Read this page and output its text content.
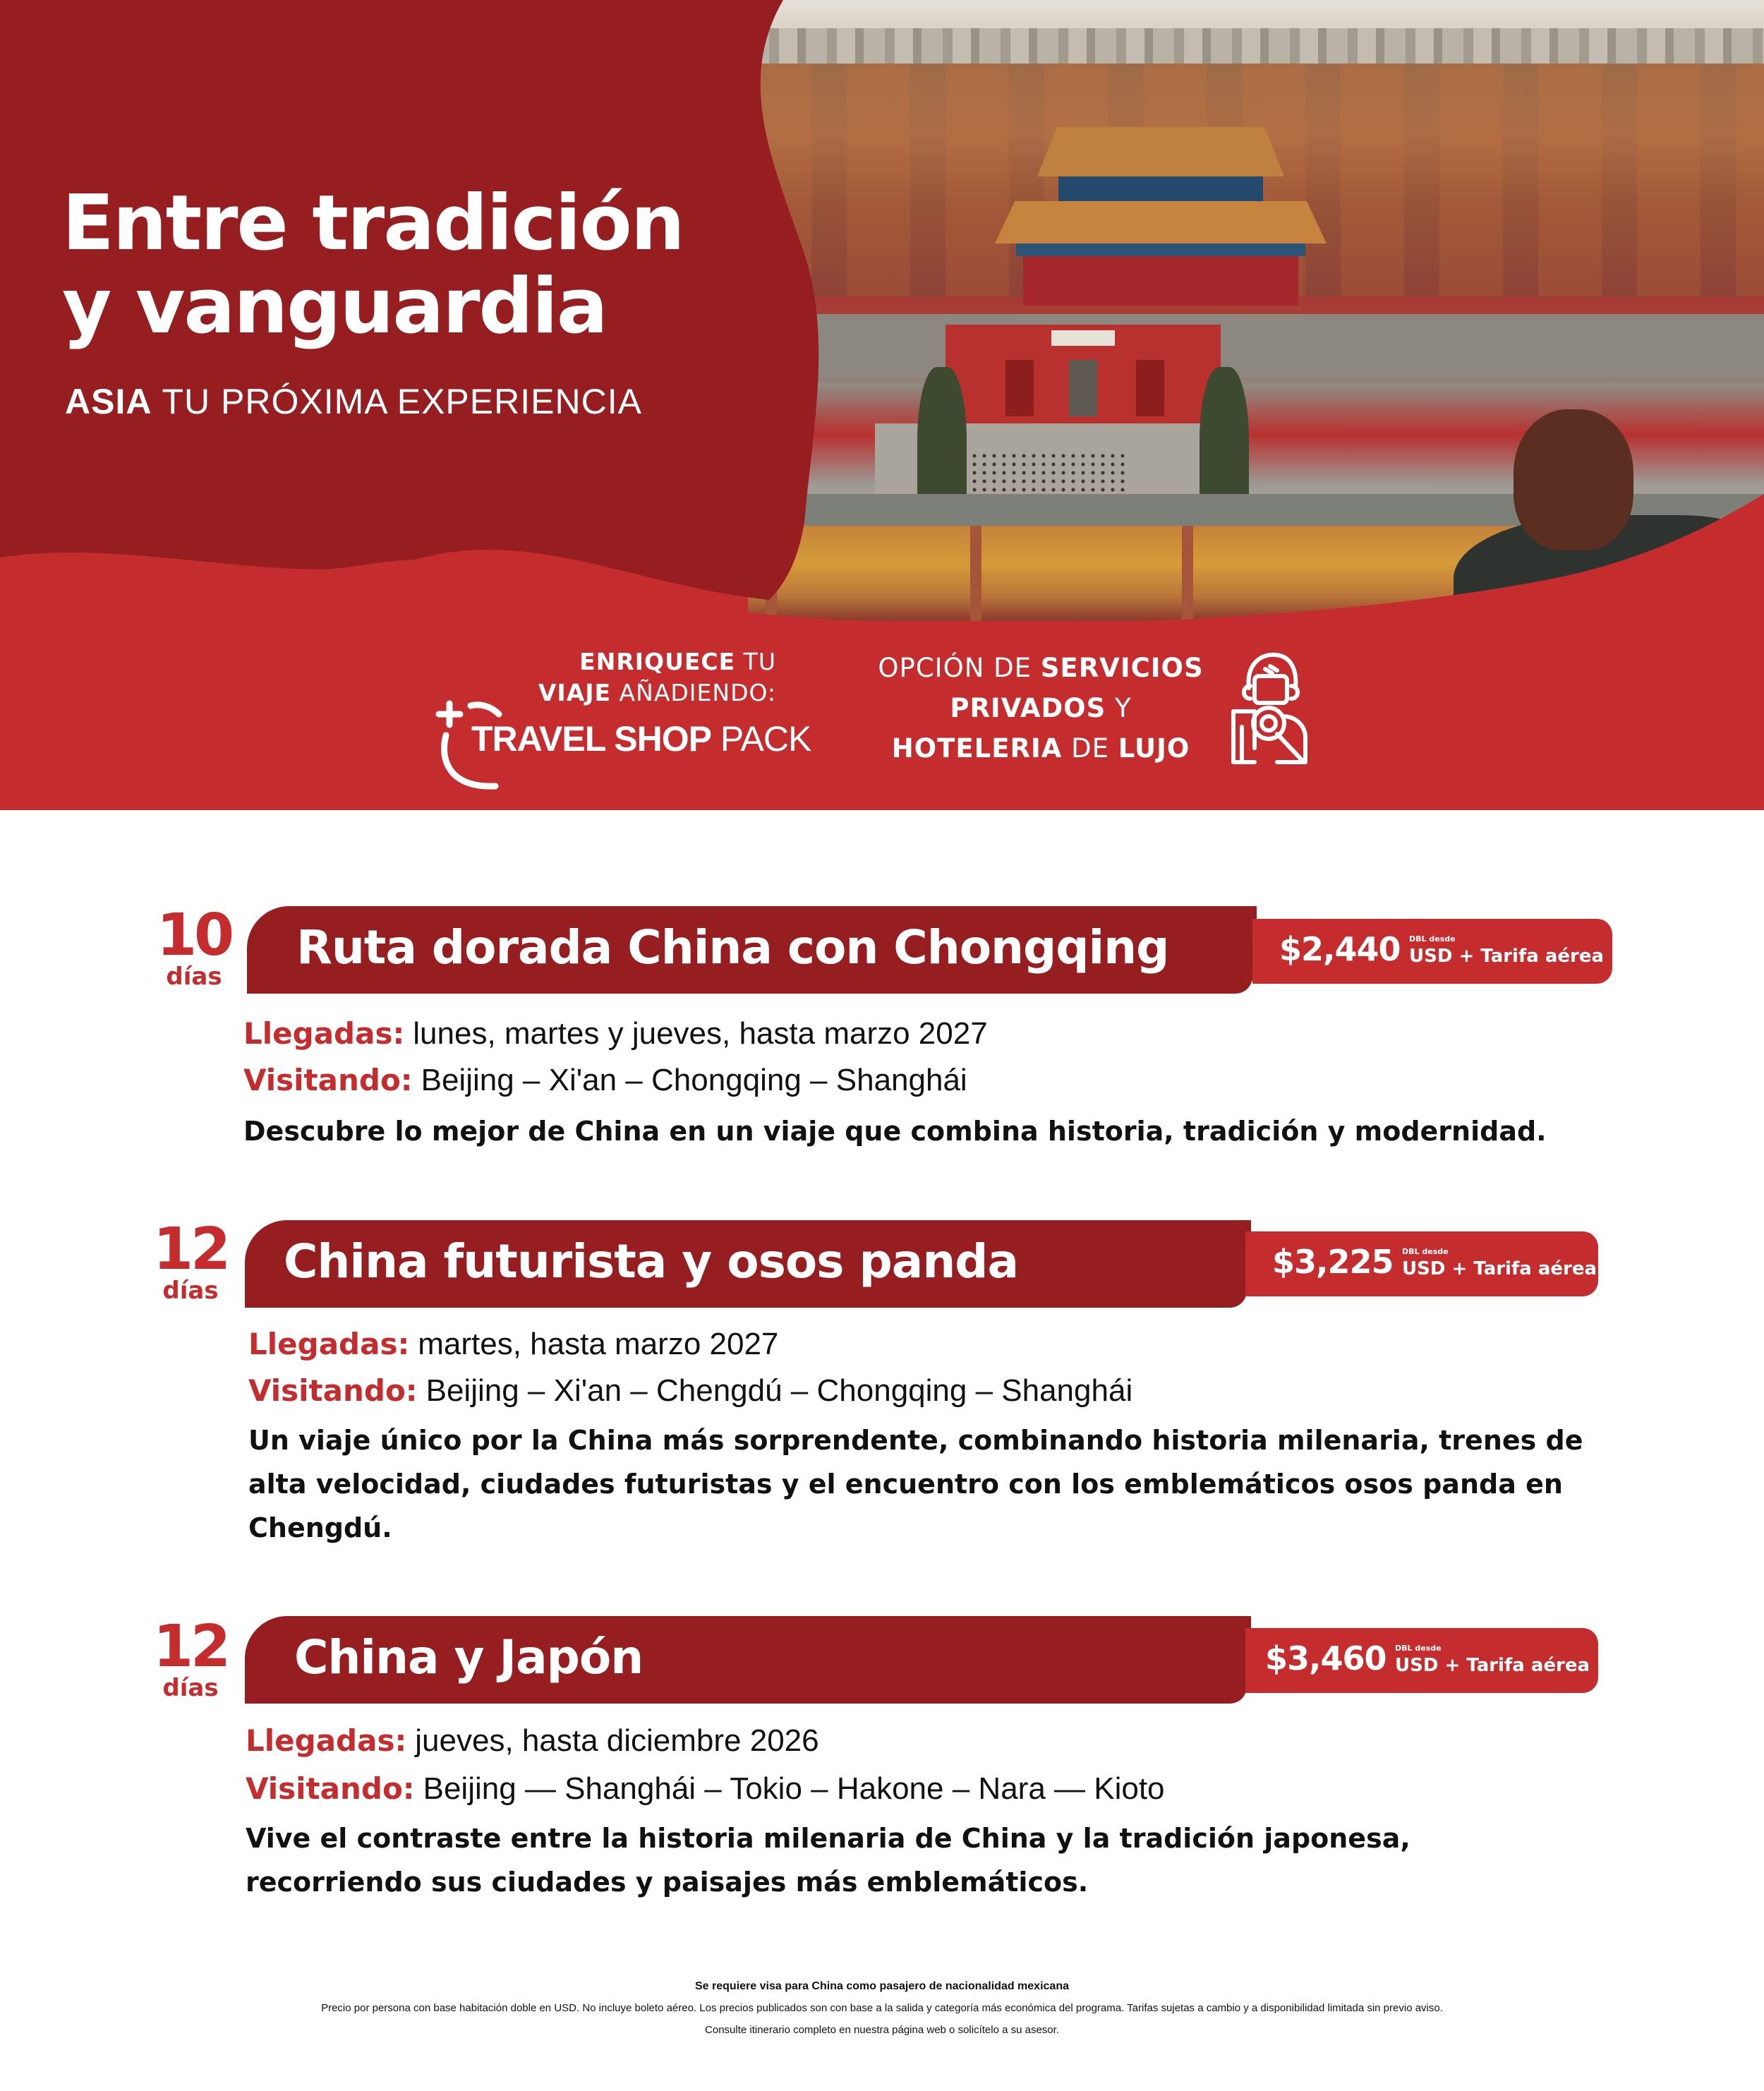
Entre tradición
y vanguardia
ASIA TU PRÓXIMA EXPERIENCIA
ENRIQUECE TU
VIAJE AÑADIENDO:
TRAVEL SHOP PACK
OPCIÓN DE SERVICIOS
PRIVADOS Y
HOTELERIA DE LUJO
10
días
Ruta dorada China con Chongqing	$2,440 DBL desde
USD + Tarifa aérea
Llegadas: lunes, martes y jueves, hasta marzo 2027
Visitando: Beijing – Xi'an – Chongqing – Shanghái

Descubre lo mejor de China en un viaje que combina historia, tradición y modernidad.

12
días
China futurista y osos panda	$3,225 DBL desde
USD + Tarifa aérea
Llegadas: martes, hasta marzo 2027
Visitando: Beijing – Xi'an – Chengdú – Chongqing – Shanghái

Un viaje único por la China más sorprendente, combinando historia milenaria, trenes de alta velocidad, ciudades futuristas y el encuentro con los emblemáticos osos panda en Chengdú.

12
días
China y Japón	$3,460 DBL desde
USD + Tarifa aérea
Llegadas: jueves, hasta diciembre 2026
Visitando: Beijing — Shanghái – Tokio – Hakone – Nara — Kioto

Vive el contraste entre la historia milenaria de China y la tradición japonesa, recorriendo sus ciudades y paisajes más emblemáticos.

Se requiere visa para China como pasajero de nacionalidad mexicana
Precio por persona con base habitación doble en USD. No incluye boleto aéreo. Los precios publicados son con base a la salida y categoría más económica del programa. Tarifas sujetas a cambio y a disponibilidad limitada sin previo aviso.
Consulte itinerario completo en nuestra página web o solicítelo a su asesor.
